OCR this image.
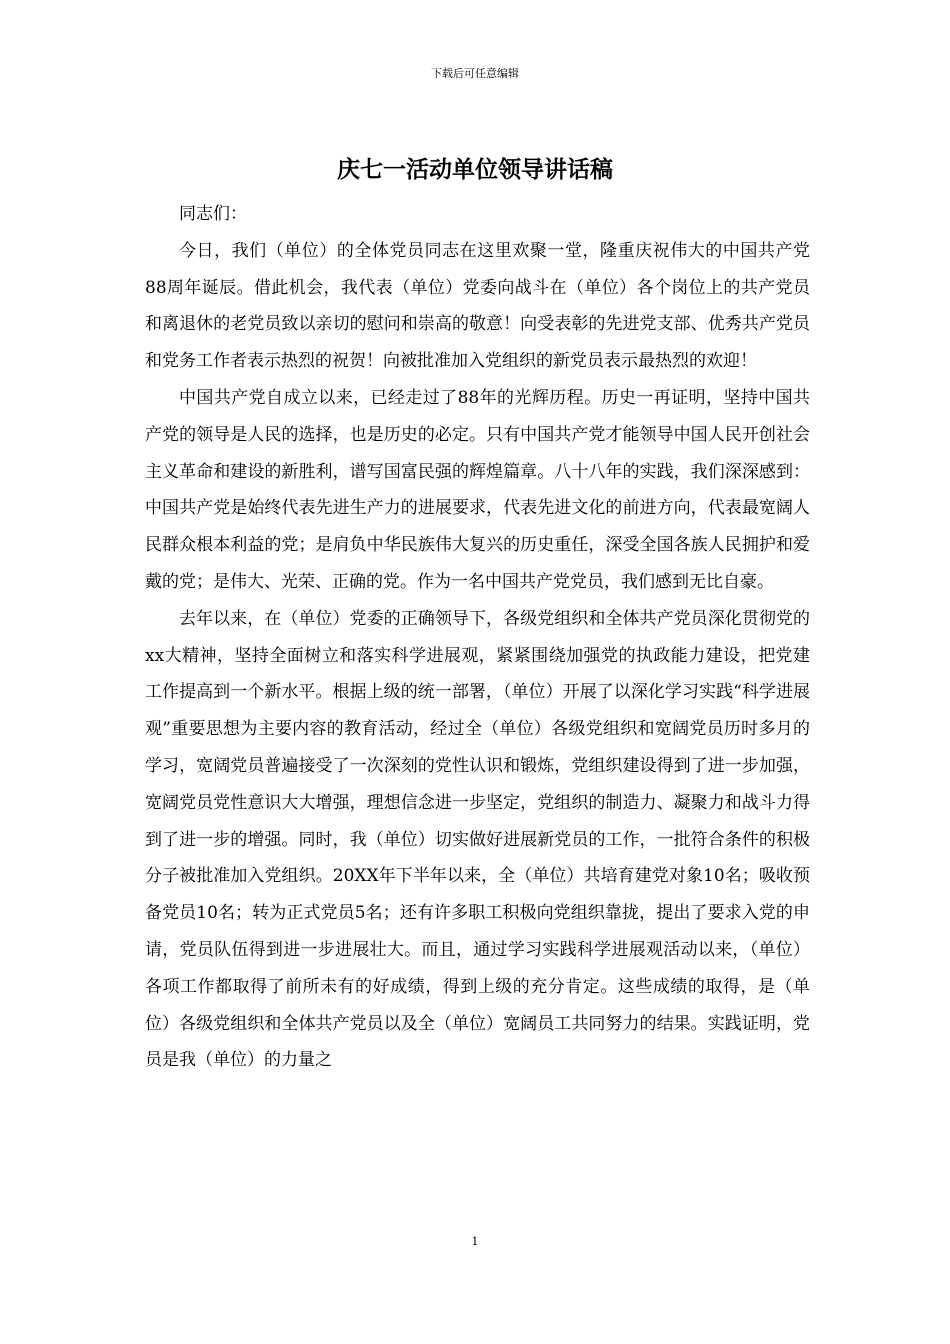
下载后可任意编辑
庆七一活动单位领导讲话稿

同志们：

今日，我们（单位）的全体党员同志在这里欢聚一堂，隆重庆祝伟大的中国共产党88周年诞辰。借此机会，我代表（单位）党委向战斗在（单位）各个岗位上的共产党员和离退休的老党员致以亲切的慰问和崇高的敬意！向受表彰的先进党支部、优秀共产党员和党务工作者表示热烈的祝贺！向被批准加入党组织的新党员表示最热烈的欢迎！

中国共产党自成立以来，已经走过了88年的光辉历程。历史一再证明，坚持中国共产党的领导是人民的选择，也是历史的必定。只有中国共产党才能领导中国人民开创社会主义革命和建设的新胜利，谱写国富民强的辉煌篇章。八十八年的实践，我们深深感到：中国共产党是始终代表先进生产力的进展要求，代表先进文化的前进方向，代表最宽阔人民群众根本利益的党；是肩负中华民族伟大复兴的历史重任，深受全国各族人民拥护和爱戴的党；是伟大、光荣、正确的党。作为一名中国共产党党员，我们感到无比自豪。

去年以来，在（单位）党委的正确领导下，各级党组织和全体共产党员深化贯彻党的xx大精神，坚持全面树立和落实科学进展观，紧紧围绕加强党的执政能力建设，把党建工作提高到一个新水平。根据上级的统一部署，（单位）开展了以深化学习实践“科学进展观”重要思想为主要内容的教育活动，经过全（单位）各级党组织和宽阔党员历时多月的学习，宽阔党员普遍接受了一次深刻的党性认识和锻炼，党组织建设得到了进一步加强，宽阔党员党性意识大大增强，理想信念进一步坚定，党组织的制造力、凝聚力和战斗力得到了进一步的增强。同时，我（单位）切实做好进展新党员的工作，一批符合条件的积极分子被批准加入党组织。20XX年下半年以来，全（单位）共培育建党对象10名；吸收预备党员10名；转为正式党员5名；还有许多职工积极向党组织靠拢，提出了要求入党的申请，党员队伍得到进一步进展壮大。而且，通过学习实践科学进展观活动以来，（单位）各项工作都取得了前所未有的好成绩，得到上级的充分肯定。这些成绩的取得，是（单位）各级党组织和全体共产党员以及全（单位）宽阔员工共同努力的结果。实践证明，党员是我（单位）的力量之

1
